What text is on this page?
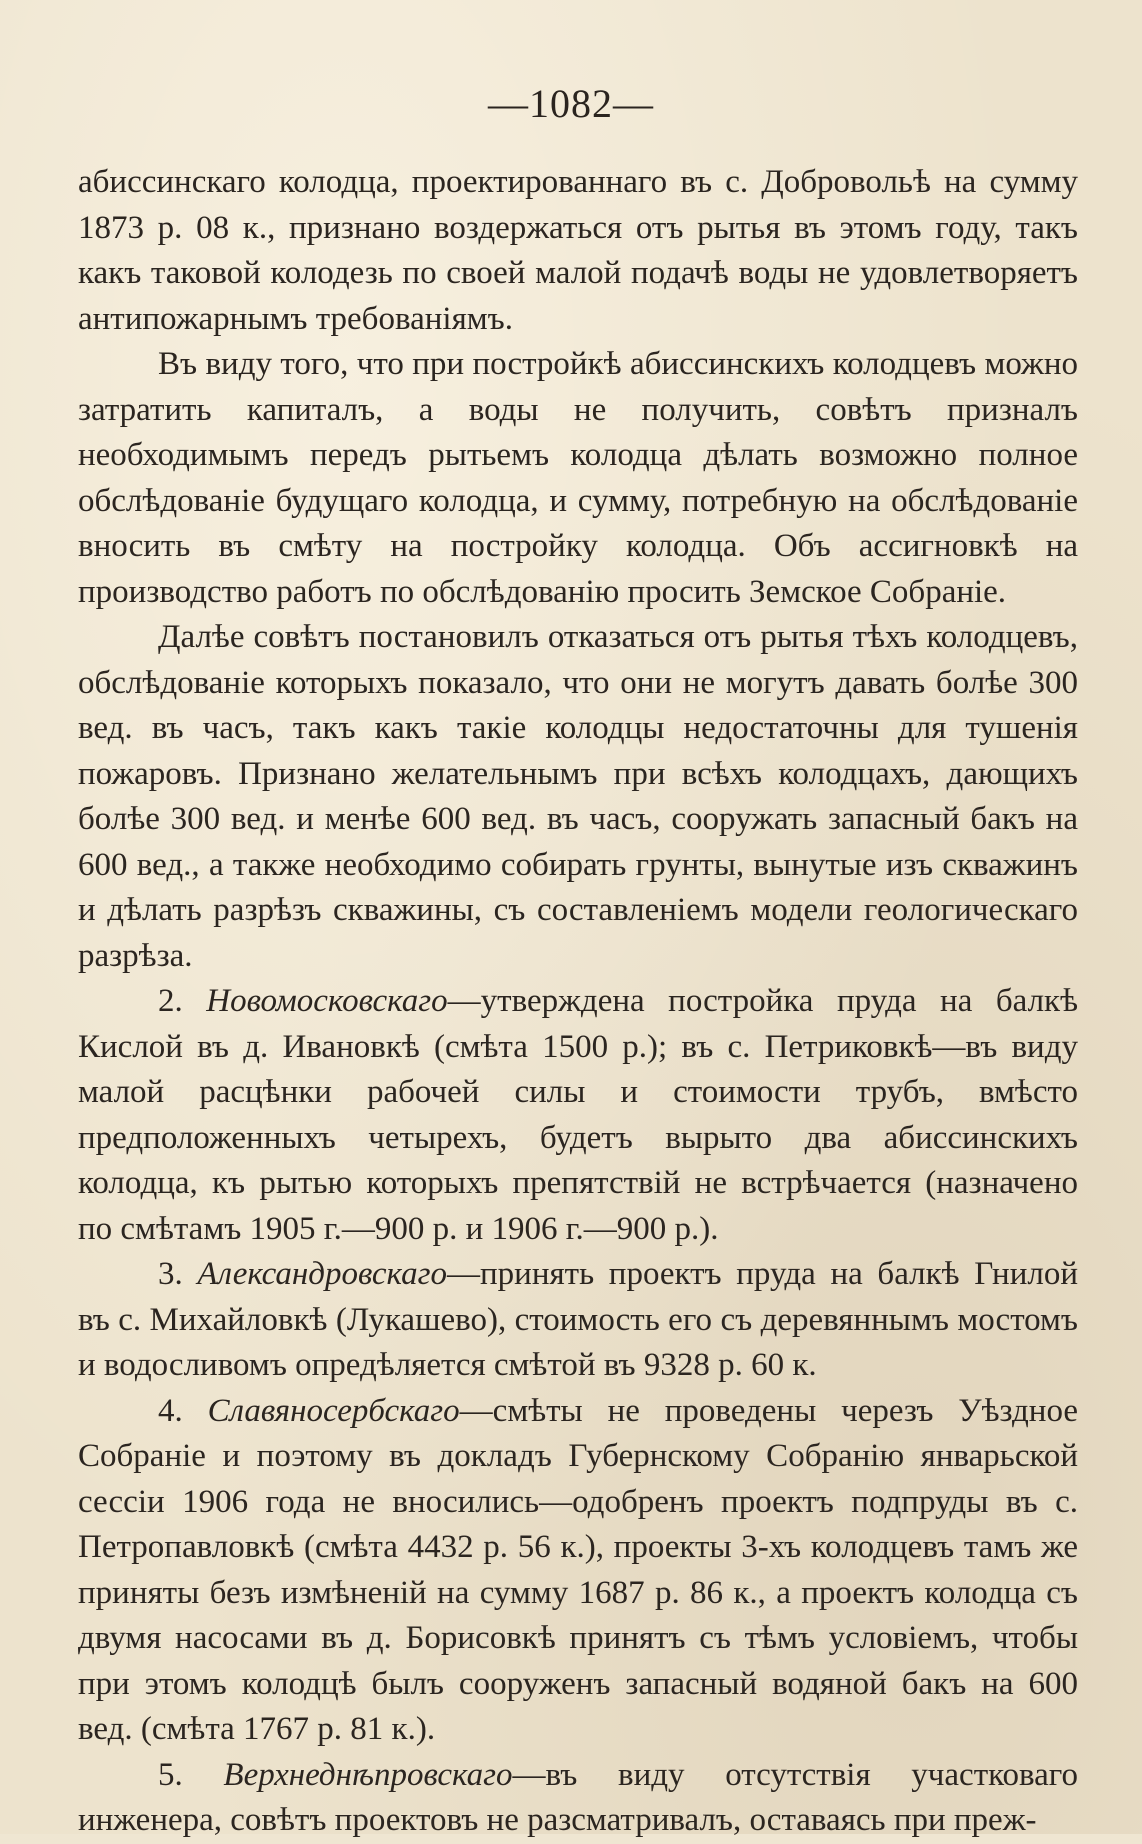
—1082—

абиссинскаго колодца, проектированнаго въ с. Добровольѣ на сумму 1873 р. 08 к., признано воздержаться отъ рытья въ этомъ году, такъ какъ таковой колодезь по своей малой подачѣ воды не удовлетворяетъ антипожарнымъ требованіямъ.

Въ виду того, что при постройкѣ абиссинскихъ колодцевъ можно затратить капиталъ, а воды не получить, совѣтъ призналъ необходимымъ передъ рытьемъ колодца дѣлать возможно полное обслѣдованіе будущаго колодца, и сумму, потребную на обслѣдованіе вносить въ смѣту на постройку колодца. Объ ассигновкѣ на производство работъ по обслѣдованію просить Земское Собраніе.

Далѣе совѣтъ постановилъ отказаться отъ рытья тѣхъ колодцевъ, обслѣдованіе которыхъ показало, что они не могутъ давать болѣе 300 вед. въ часъ, такъ какъ такіе колодцы недостаточны для тушенія пожаровъ. Признано желательнымъ при всѣхъ колодцахъ, дающихъ болѣе 300 вед. и менѣе 600 вед. въ часъ, сооружать запасный бакъ на 600 вед., а также необходимо собирать грунты, вынутые изъ скважинъ и дѣлать разрѣзъ скважины, съ составленіемъ модели геологическаго разрѣза.

2. Новомосковскаго—утверждена постройка пруда на балкѣ Кислой въ д. Ивановкѣ (смѣта 1500 р.); въ с. Петриковкѣ—въ виду малой расцѣнки рабочей силы и стоимости трубъ, вмѣсто предположенныхъ четырехъ, будетъ вырыто два абиссинскихъ колодца, къ рытью которыхъ препятствій не встрѣчается (назначено по смѣтамъ 1905 г.—900 р. и 1906 г.—900 р.).

3. Александровскаго—принять проектъ пруда на балкѣ Гнилой въ с. Михайловкѣ (Лукашево), стоимость его съ деревяннымъ мостомъ и водосливомъ опредѣляется смѣтой въ 9328 р. 60 к.

4. Славяносербскаго—смѣты не проведены черезъ Уѣздное Собраніе и поэтому въ докладъ Губернскому Собранію январьской сессіи 1906 года не вносились—одобренъ проектъ подпруды въ с. Петропавловкѣ (смѣта 4432 р. 56 к.), проекты 3-хъ колодцевъ тамъ же приняты безъ измѣненій на сумму 1687 р. 86 к., а проектъ колодца съ двумя насосами въ д. Борисовкѣ принятъ съ тѣмъ условіемъ, чтобы при этомъ колодцѣ былъ сооруженъ запасный водяной бакъ на 600 вед. (смѣта 1767 р. 81 к.).

5. Верхнеднѣпровскаго—въ виду отсутствія участковаго инженера, совѣтъ проектовъ не разсматривалъ, оставаясь при преж-
